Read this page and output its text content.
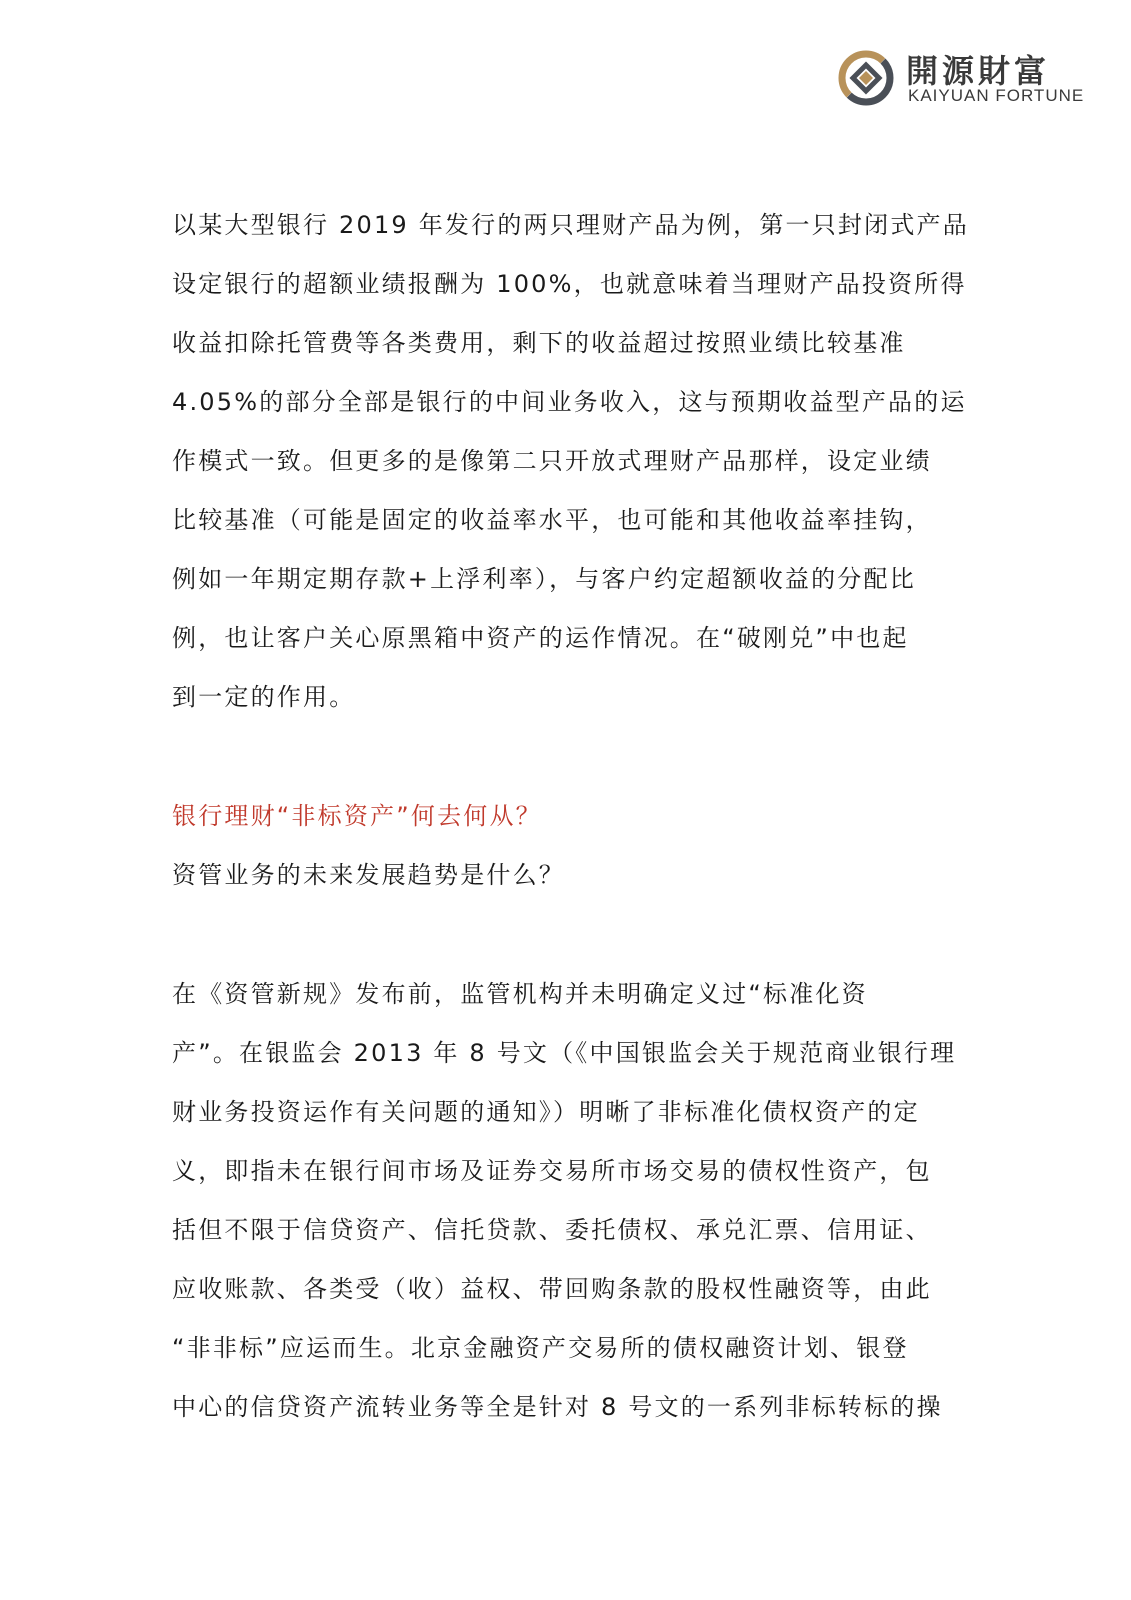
開源財富
KAIYUAN FORTUNE

以某大型银行 2019 年发行的两只理财产品为例，第一只封闭式产品
设定银行的超额业绩报酬为 100%，也就意味着当理财产品投资所得
收益扣除托管费等各类费用，剩下的收益超过按照业绩比较基准
4.05%的部分全部是银行的中间业务收入，这与预期收益型产品的运
作模式一致。但更多的是像第二只开放式理财产品那样，设定业绩
比较基准（可能是固定的收益率水平，也可能和其他收益率挂钩，
例如一年期定期存款+上浮利率），与客户约定超额收益的分配比
例，也让客户关心原黑箱中资产的运作情况。在“破刚兑”中也起
到一定的作用。

银行理财“非标资产”何去何从？
资管业务的未来发展趋势是什么？

在《资管新规》发布前，监管机构并未明确定义过“标准化资
产”。在银监会 2013 年 8 号文（《中国银监会关于规范商业银行理
财业务投资运作有关问题的通知》）明晰了非标准化债权资产的定
义，即指未在银行间市场及证券交易所市场交易的债权性资产，包
括但不限于信贷资产、信托贷款、委托债权、承兑汇票、信用证、
应收账款、各类受（收）益权、带回购条款的股权性融资等，由此
“非非标”应运而生。北京金融资产交易所的债权融资计划、银登
中心的信贷资产流转业务等全是针对 8 号文的一系列非标转标的操
